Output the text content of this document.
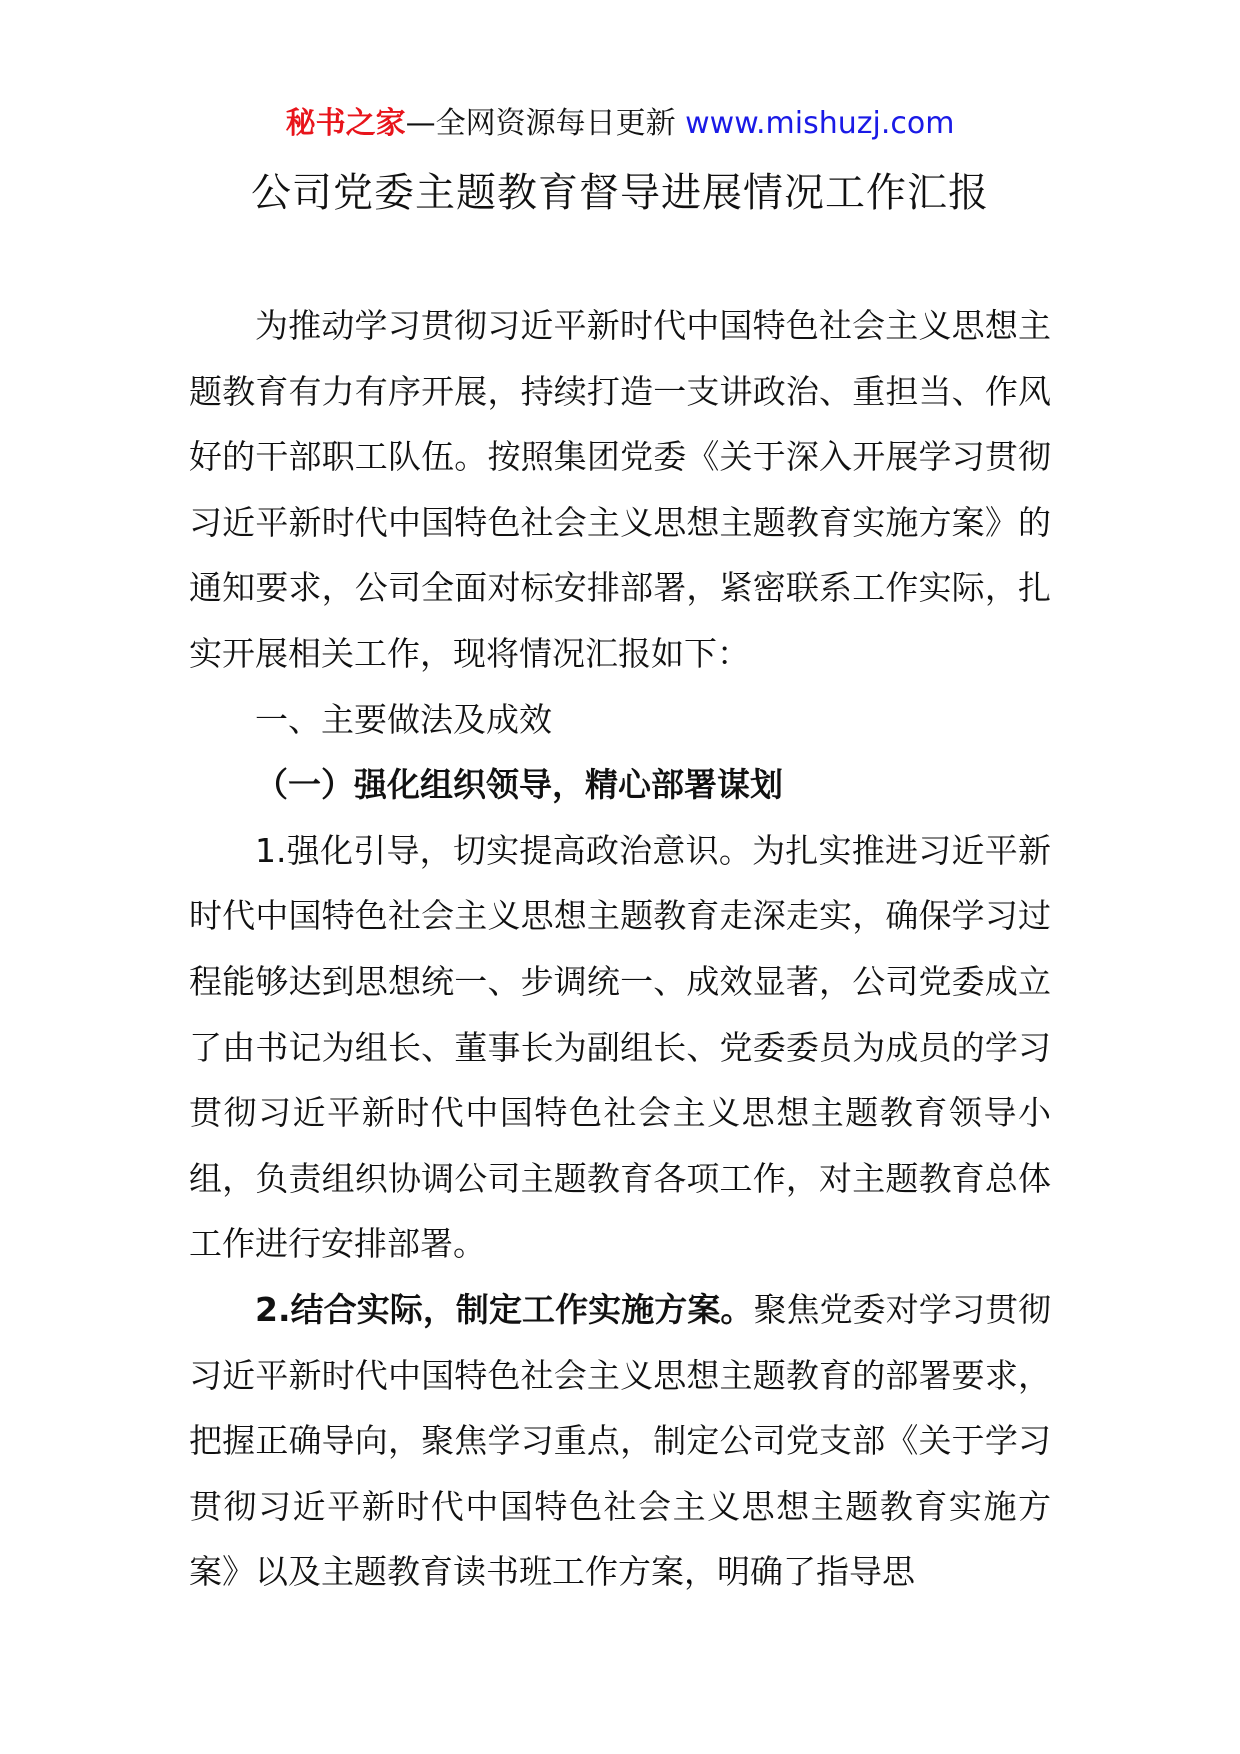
秘书之家—全网资源每日更新 www.mishuzj.com
公司党委主题教育督导进展情况工作汇报

为推动学习贯彻习近平新时代中国特色社会主义思想主题教育有力有序开展，持续打造一支讲政治、重担当、作风好的干部职工队伍。按照集团党委《关于深入开展学习贯彻习近平新时代中国特色社会主义思想主题教育实施方案》的通知要求，公司全面对标安排部署，紧密联系工作实际，扎实开展相关工作，现将情况汇报如下：

一、主要做法及成效

（一）强化组织领导，精心部署谋划

1.强化引导，切实提高政治意识。为扎实推进习近平新时代中国特色社会主义思想主题教育走深走实，确保学习过程能够达到思想统一、步调统一、成效显著，公司党委成立了由书记为组长、董事长为副组长、党委委员为成员的学习贯彻习近平新时代中国特色社会主义思想主题教育领导小组，负责组织协调公司主题教育各项工作，对主题教育总体工作进行安排部署。

2.结合实际，制定工作实施方案。聚焦党委对学习贯彻习近平新时代中国特色社会主义思想主题教育的部署要求，把握正确导向，聚焦学习重点，制定公司党支部《关于学习贯彻习近平新时代中国特色社会主义思想主题教育实施方案》以及主题教育读书班工作方案，明确了指导思
